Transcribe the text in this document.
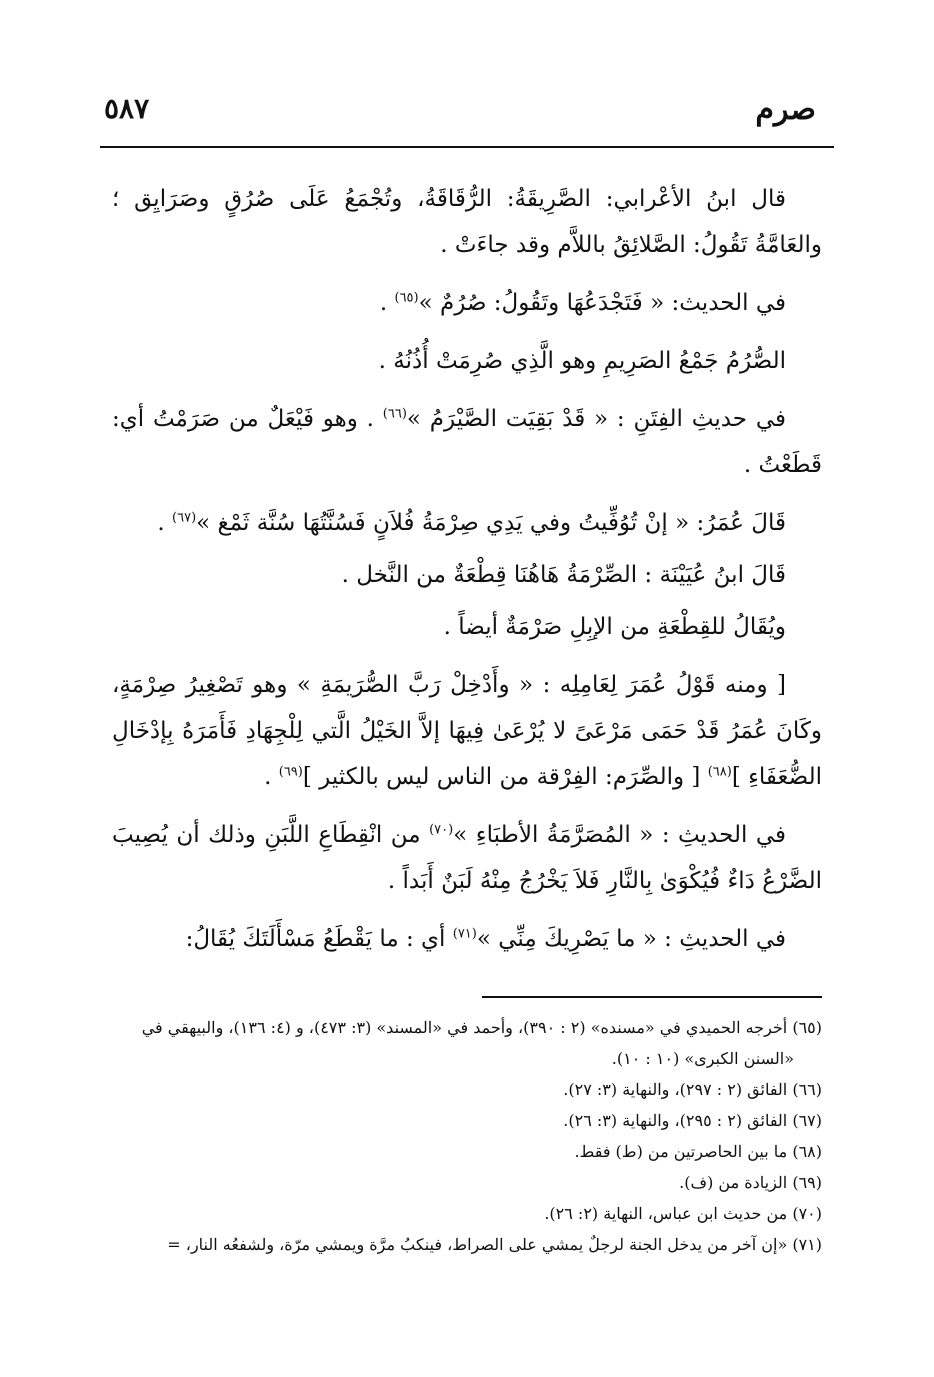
صرم
٥٨٧

قال ابنُ الأعْرابي: الصَّرِيقَةُ: الرُّقَاقَةُ، وتُجْمَعُ عَلَى صُرُقٍ وصَرَايِق ؛ والعَامَّةُ تَقُولُ: الصَّلائِقُ باللاَّم وقد جاءَتْ .

في الحديث: « فَتَجْدَعُهَا وتَقُولُ: صُرُمٌ »$^{(٦٥)}$ .

الصُّرُمُ جَمْعُ الصَرِيمِ وهو الَّذِي صُرِمَتْ أُذُنُهُ .

في حديثِ الفِتَنِ : « قَدْ بَقِيَت الصَّيْرَمُ »$^{(٦٦)}$ . وهو فَيْعَلٌ من صَرَمْتُ أي: قَطَعْتُ .

قَالَ عُمَرُ: « إنْ تُوُفِّيتُ وفي يَدِي صِرْمَةُ فُلاَنٍ فَسُنَّتُهَا سُنَّة ثَمْغ »$^{(٦٧)}$ .

قَالَ ابنُ عُيَيْنَة : الصِّرْمَةُ هَاهُنَا قِطْعَةٌ من النَّخل .

ويُقَالُ للقِطْعَةِ من الإبِلِ صَرْمَةٌ أيضاً .

[ ومنه قَوْلُ عُمَرَ لِعَامِلِه : « وأَدْخِلْ رَبَّ الصُّرَيمَةِ » وهو تَصْغِيرُ صِرْمَةٍ، وكَانَ عُمَرُ قَدْ حَمَى مَرْعَىً لا يُرْعَىٰ فِيهَا إلاَّ الخَيْلُ الَّتي لِلْجِهَادِ فَأَمَرَهُ بِإدْخَالِ الضُّعَفَاءِ ]$^{(٦٨)}$ [ والصِّرَم: الفِرْقة من الناس ليس بالكثير ]$^{(٦٩)}$ .

في الحديثِ : « المُصَرَّمَةُ الأطبَاءِ »$^{(٧٠)}$ من انْقِطَاعِ اللَّبَنِ وذلك أن يُصِيبَ الضَّرْعُ دَاءٌ فُيُكْوَىٰ بِالنَّارِ فَلاَ يَخْرُجُ مِنْهُ لَبَنٌ أَبَداً .

في الحديثِ : « ما يَصْرِيكَ مِنِّي »$^{(٧١)}$ أي : ما يَقْطَعُ مَسْأَلَتَكَ يُقَالُ:

(٦٥) أخرجه الحميدي في «مسنده» (٢ : ٣٩٠)، وأحمد في «المسند» (٣: ٤٧٣)، و (٤: ١٣٦)، والبيهقي في «السنن الكبرى» (١٠ : ١٠).

(٦٦) الفائق (٢ : ٢٩٧)، والنهاية (٣: ٢٧).

(٦٧) الفائق (٢ : ٢٩٥)، والنهاية (٣: ٢٦).

(٦٨) ما بين الحاصرتين من (ط) فقط.

(٦٩) الزيادة من (ف).

(٧٠) من حديث ابن عباس، النهاية (٢: ٢٦).

(٧١) «إن آخر من يدخل الجنة لرجلٌ يمشي على الصراط، فينكبُ مرَّة ويمشي مرّة، ولشفعُه النار، =
